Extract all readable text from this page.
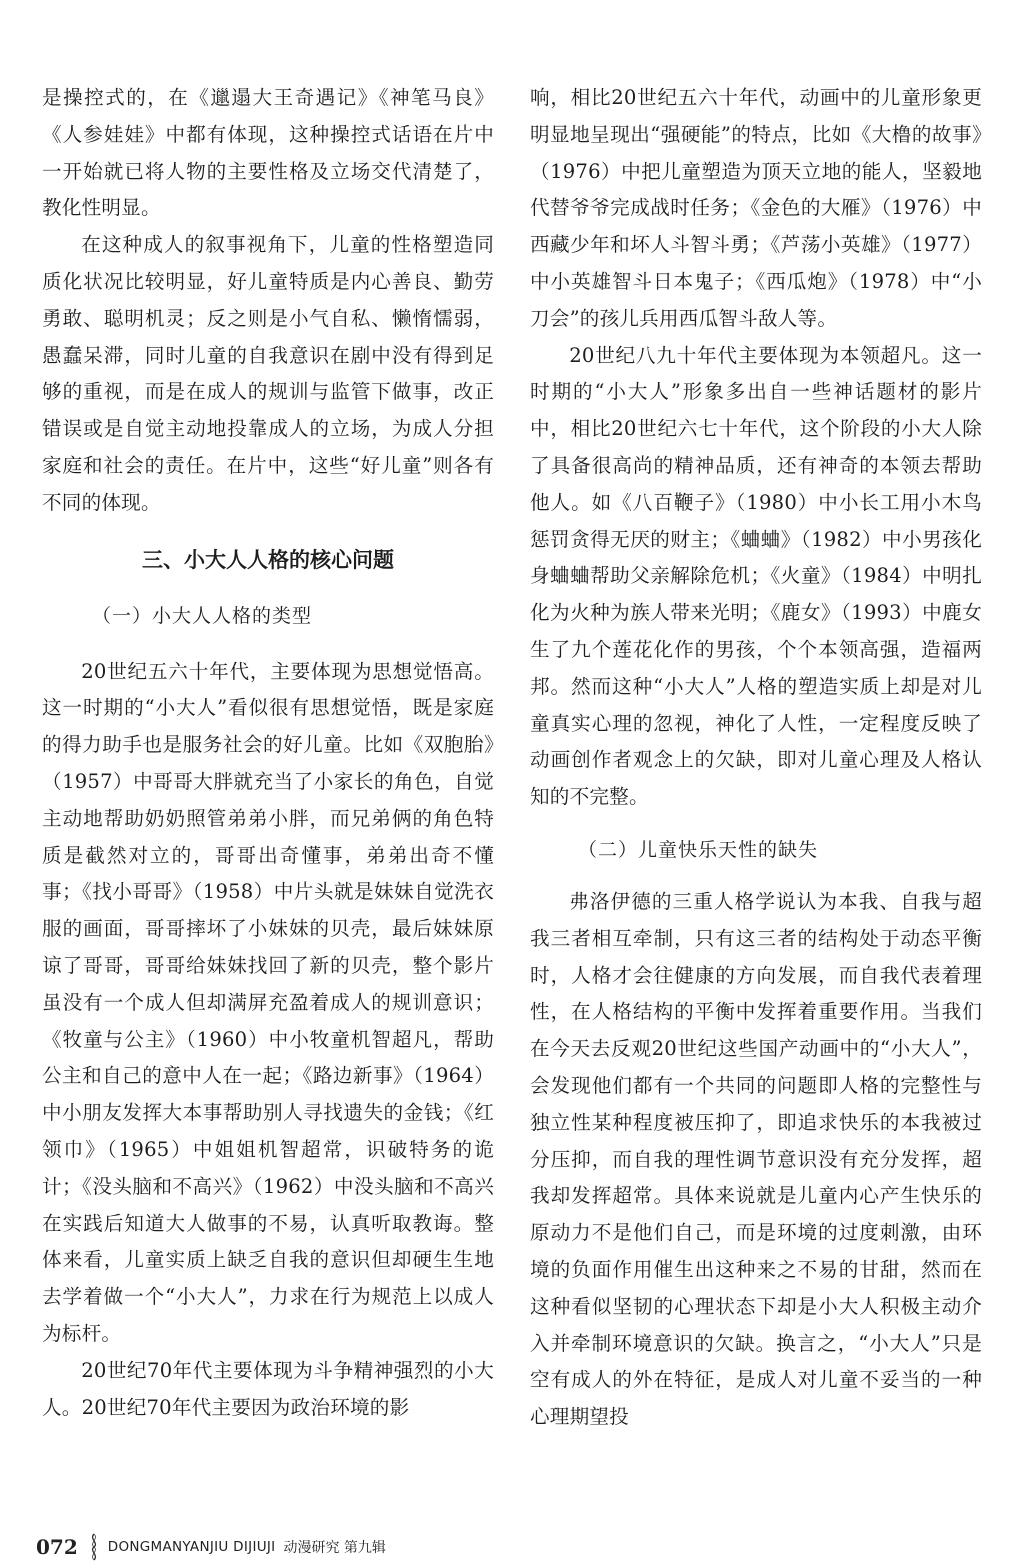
是操控式的，在《邋遢大王奇遇记》《神笔马良》《人参娃娃》中都有体现，这种操控式话语在片中一开始就已将人物的主要性格及立场交代清楚了，教化性明显。

在这种成人的叙事视角下，儿童的性格塑造同质化状况比较明显，好儿童特质是内心善良、勤劳勇敢、聪明机灵；反之则是小气自私、懒惰懦弱，愚蠢呆滞，同时儿童的自我意识在剧中没有得到足够的重视，而是在成人的规训与监管下做事，改正错误或是自觉主动地投靠成人的立场，为成人分担家庭和社会的责任。在片中，这些“好儿童”则各有不同的体现。

三、小大人人格的核心问题
（一）小大人人格的类型

20世纪五六十年代，主要体现为思想觉悟高。这一时期的“小大人”看似很有思想觉悟，既是家庭的得力助手也是服务社会的好儿童。比如《双胞胎》（1957）中哥哥大胖就充当了小家长的角色，自觉主动地帮助奶奶照管弟弟小胖，而兄弟俩的角色特质是截然对立的，哥哥出奇懂事，弟弟出奇不懂事；《找小哥哥》（1958）中片头就是妹妹自觉洗衣服的画面，哥哥摔坏了小妹妹的贝壳，最后妹妹原谅了哥哥，哥哥给妹妹找回了新的贝壳，整个影片虽没有一个成人但却满屏充盈着成人的规训意识；《牧童与公主》（1960）中小牧童机智超凡，帮助公主和自己的意中人在一起；《路边新事》（1964）中小朋友发挥大本事帮助别人寻找遗失的金钱；《红领巾》（1965）中姐姐机智超常，识破特务的诡计；《没头脑和不高兴》（1962）中没头脑和不高兴在实践后知道大人做事的不易，认真听取教诲。整体来看，儿童实质上缺乏自我的意识但却硬生生地去学着做一个“小大人”，力求在行为规范上以成人为标杆。

20世纪70年代主要体现为斗争精神强烈的小大人。20世纪70年代主要因为政治环境的影

响，相比20世纪五六十年代，动画中的儿童形象更明显地呈现出“强硬能”的特点，比如《大橹的故事》（1976）中把儿童塑造为顶天立地的能人，坚毅地代替爷爷完成战时任务；《金色的大雁》（1976）中西藏少年和坏人斗智斗勇；《芦荡小英雄》（1977）中小英雄智斗日本鬼子；《西瓜炮》（1978）中“小刀会”的孩儿兵用西瓜智斗敌人等。

20世纪八九十年代主要体现为本领超凡。这一时期的“小大人”形象多出自一些神话题材的影片中，相比20世纪六七十年代，这个阶段的小大人除了具备很高尚的精神品质，还有神奇的本领去帮助他人。如《八百鞭子》（1980）中小长工用小木鸟惩罚贪得无厌的财主；《蛐蛐》（1982）中小男孩化身蛐蛐帮助父亲解除危机；《火童》（1984）中明扎化为火种为族人带来光明；《鹿女》（1993）中鹿女生了九个莲花化作的男孩，个个本领高强，造福两邦。然而这种“小大人”人格的塑造实质上却是对儿童真实心理的忽视，神化了人性，一定程度反映了动画创作者观念上的欠缺，即对儿童心理及人格认知的不完整。

（二）儿童快乐天性的缺失

弗洛伊德的三重人格学说认为本我、自我与超我三者相互牵制，只有这三者的结构处于动态平衡时，人格才会往健康的方向发展，而自我代表着理性，在人格结构的平衡中发挥着重要作用。当我们在今天去反观20世纪这些国产动画中的“小大人”，会发现他们都有一个共同的问题即人格的完整性与独立性某种程度被压抑了，即追求快乐的本我被过分压抑，而自我的理性调节意识没有充分发挥，超我却发挥超常。具体来说就是儿童内心产生快乐的原动力不是他们自己，而是环境的过度刺激，由环境的负面作用催生出这种来之不易的甘甜，然而在这种看似坚韧的心理状态下却是小大人积极主动介入并牵制环境意识的欠缺。换言之，“小大人”只是空有成人的外在特征，是成人对儿童不妥当的一种心理期望投

072 DONGMANYANJIU DIJIUJI 动漫研究 第九辑
